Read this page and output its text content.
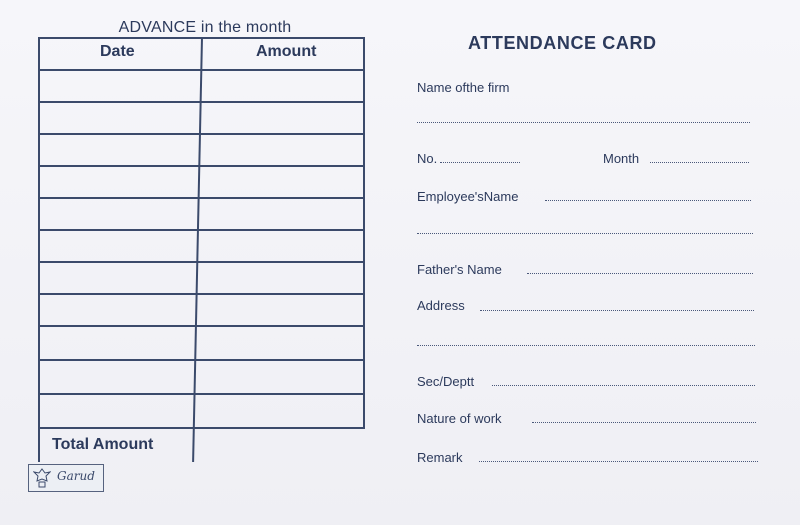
ADVANCE in the month
Date	Amount
Total Amount
Garud
ATTENDANCE CARD
Name ofthe firm
No.	Month
Employee'sName
Father's Name
Address
Sec/Deptt
Nature of work
Remark
